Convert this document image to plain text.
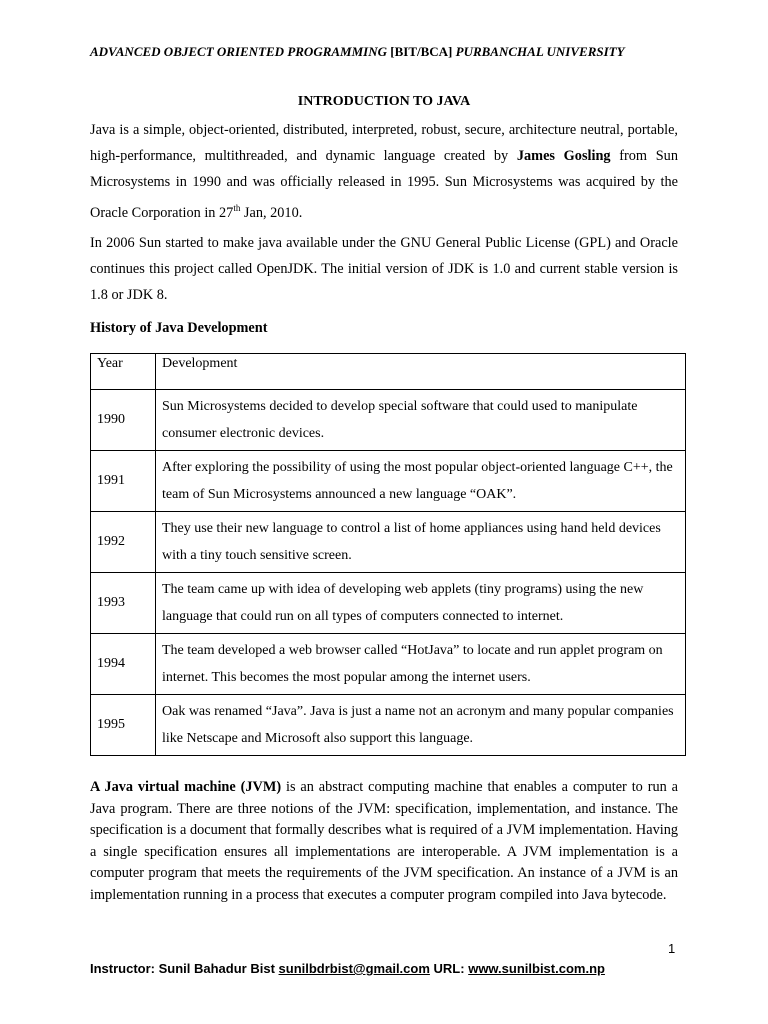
ADVANCED OBJECT ORIENTED PROGRAMMING [BIT/BCA] PURBANCHAL UNIVERSITY
INTRODUCTION TO JAVA

Java is a simple, object-oriented, distributed, interpreted, robust, secure, architecture neutral, portable, high-performance, multithreaded, and dynamic language created by James Gosling from Sun Microsystems in 1990 and was officially released in 1995. Sun Microsystems was acquired by the Oracle Corporation in 27th Jan, 2010.

In 2006 Sun started to make java available under the GNU General Public License (GPL) and Oracle continues this project called OpenJDK. The initial version of JDK is 1.0 and current stable version is 1.8 or JDK 8.

History of Java Development
Year	Development
1990	Sun Microsystems decided to develop special software that could used to manipulate consumer electronic devices.
1991	After exploring the possibility of using the most popular object-oriented language C++, the team of Sun Microsystems announced a new language “OAK”.
1992	They use their new language to control a list of home appliances using hand held devices with a tiny touch sensitive screen.
1993	The team came up with idea of developing web applets (tiny programs) using the new language that could run on all types of computers connected to internet.
1994	The team developed a web browser called “HotJava” to locate and run applet program on internet. This becomes the most popular among the internet users.
1995	Oak was renamed “Java”. Java is just a name not an acronym and many popular companies like Netscape and Microsoft also support this language.

A Java virtual machine (JVM) is an abstract computing machine that enables a computer to run a Java program. There are three notions of the JVM: specification, implementation, and instance. The specification is a document that formally describes what is required of a JVM implementation. Having a single specification ensures all implementations are interoperable. A JVM implementation is a computer program that meets the requirements of the JVM specification. An instance of a JVM is an implementation running in a process that executes a computer program compiled into Java bytecode.

1
Instructor: Sunil Bahadur Bist sunilbdrbist@gmail.com URL: www.sunilbist.com.np
